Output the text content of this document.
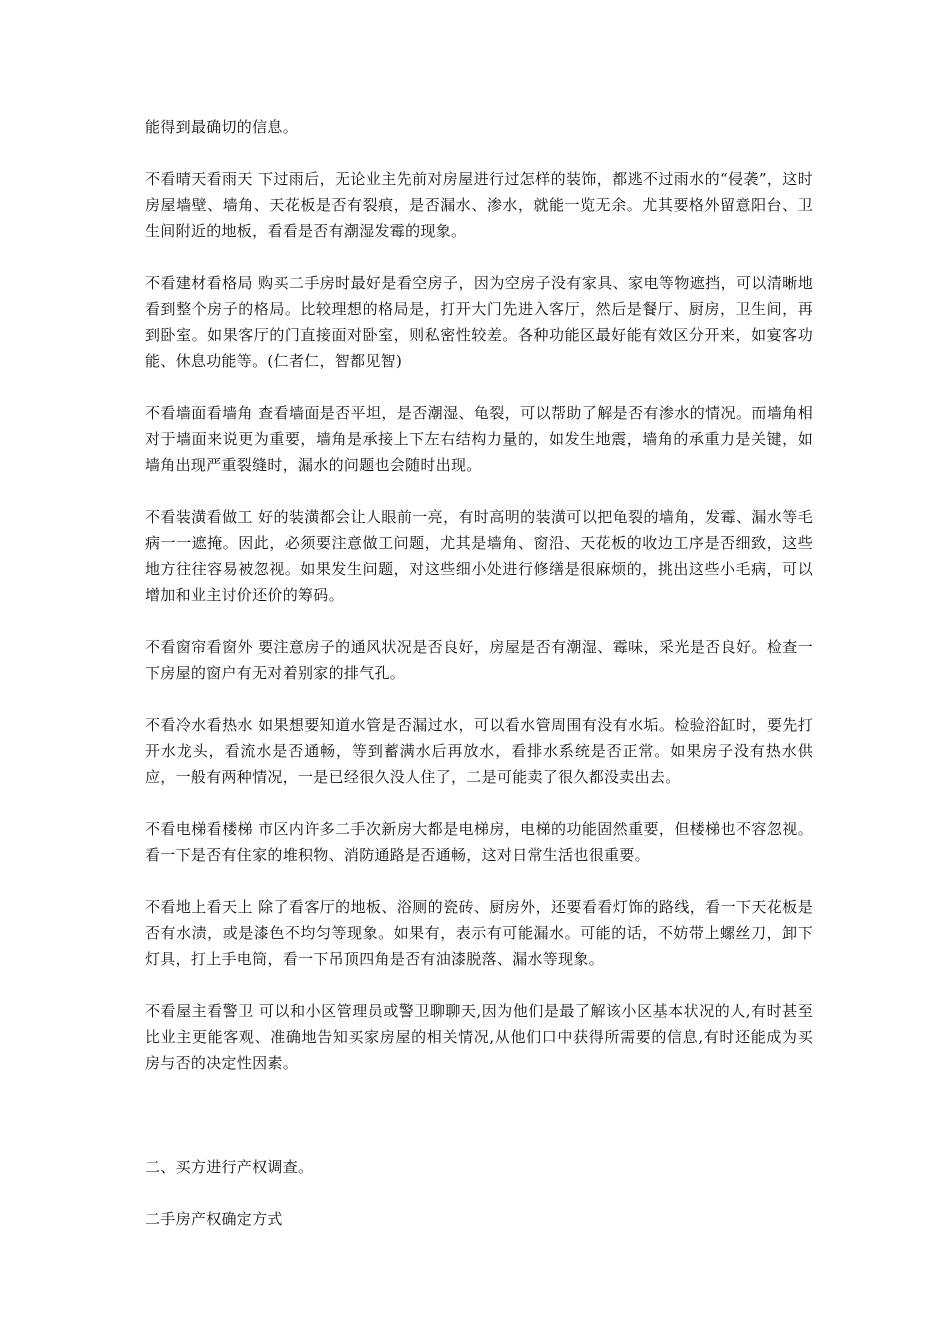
能得到最确切的信息。

不看晴天看雨天 下过雨后，无论业主先前对房屋进行过怎样的装饰，都逃不过雨水的“侵袭”，这时房屋墙壁、墙角、天花板是否有裂痕，是否漏水、渗水，就能一览无余。尤其要格外留意阳台、卫生间附近的地板，看看是否有潮湿发霉的现象。

不看建材看格局 购买二手房时最好是看空房子，因为空房子没有家具、家电等物遮挡，可以清晰地看到整个房子的格局。比较理想的格局是，打开大门先进入客厅，然后是餐厅、厨房，卫生间，再到卧室。如果客厅的门直接面对卧室，则私密性较差。各种功能区最好能有效区分开来，如宴客功能、休息功能等。(仁者仁，智都见智)

不看墙面看墙角 查看墙面是否平坦，是否潮湿、龟裂，可以帮助了解是否有渗水的情况。而墙角相对于墙面来说更为重要，墙角是承接上下左右结构力量的，如发生地震，墙角的承重力是关键，如墙角出现严重裂缝时，漏水的问题也会随时出现。

不看装潢看做工 好的装潢都会让人眼前一亮，有时高明的装潢可以把龟裂的墙角，发霉、漏水等毛病一一遮掩。因此，必须要注意做工问题，尤其是墙角、窗沿、天花板的收边工序是否细致，这些地方往往容易被忽视。如果发生问题，对这些细小处进行修缮是很麻烦的，挑出这些小毛病，可以增加和业主讨价还价的筹码。

不看窗帘看窗外 要注意房子的通风状况是否良好，房屋是否有潮湿、霉味，采光是否良好。检查一下房屋的窗户有无对着别家的排气孔。

不看冷水看热水 如果想要知道水管是否漏过水，可以看水管周围有没有水垢。检验浴缸时，要先打开水龙头，看流水是否通畅，等到蓄满水后再放水，看排水系统是否正常。如果房子没有热水供应，一般有两种情况，一是已经很久没人住了，二是可能卖了很久都没卖出去。

不看电梯看楼梯 市区内许多二手次新房大都是电梯房，电梯的功能固然重要，但楼梯也不容忽视。看一下是否有住家的堆积物、消防通路是否通畅，这对日常生活也很重要。

不看地上看天上 除了看客厅的地板、浴厕的瓷砖、厨房外，还要看看灯饰的路线，看一下天花板是否有水渍，或是漆色不均匀等现象。如果有，表示有可能漏水。可能的话，不妨带上螺丝刀，卸下灯具，打上手电筒，看一下吊顶四角是否有油漆脱落、漏水等现象。

不看屋主看警卫 可以和小区管理员或警卫聊聊天,因为他们是最了解该小区基本状况的人,有时甚至比业主更能客观、准确地告知买家房屋的相关情况,从他们口中获得所需要的信息,有时还能成为买房与否的决定性因素。

二、买方进行产权调查。

二手房产权确定方式
